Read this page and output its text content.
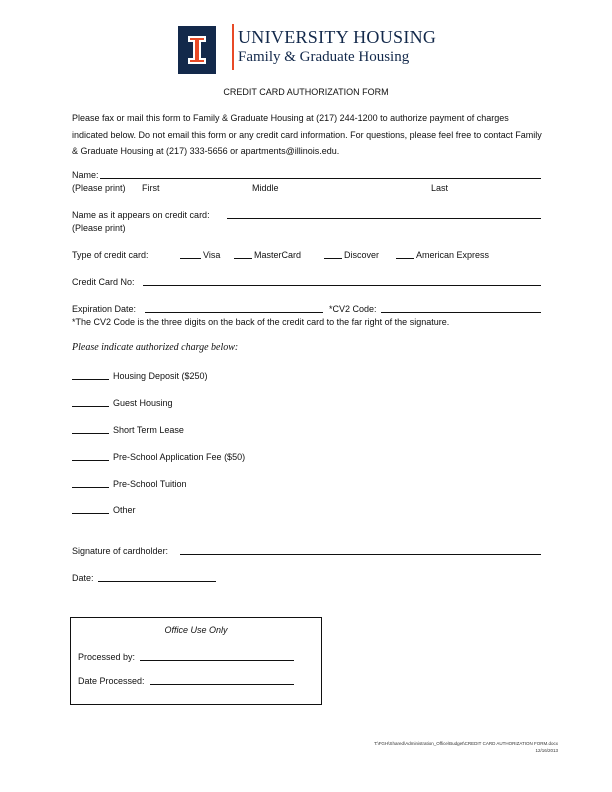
UNIVERSITY HOUSING
Family & Graduate Housing
CREDIT CARD AUTHORIZATION FORM
Please fax or mail this form to Family & Graduate Housing at (217) 244-1200 to authorize payment of charges indicated below. Do not email this form or any credit card information. For questions, please feel free to contact Family & Graduate Housing at (217) 333-5656 or apartments@illinois.edu.
Name:
(Please print) First	Middle	Last
Name as it appears on credit card:
(Please print)
Type of credit card:	Visa	MasterCard	Discover	American Express
Credit Card No:
Expiration Date:	*CV2 Code:
*The CV2 Code is the three digits on the back of the credit card to the far right of the signature.
Please indicate authorized charge below:
Housing Deposit ($250)
Guest Housing
Short Term Lease
Pre-School Application Fee ($50)
Pre-School Tuition
Other
Signature of cardholder:
Date:
Office Use Only
Processed by:
Date Processed:
T:\FGH\Shared\Administration_Office\Budget\CREDIT CARD AUTHORIZATION FORM.docx
12/16/2013
